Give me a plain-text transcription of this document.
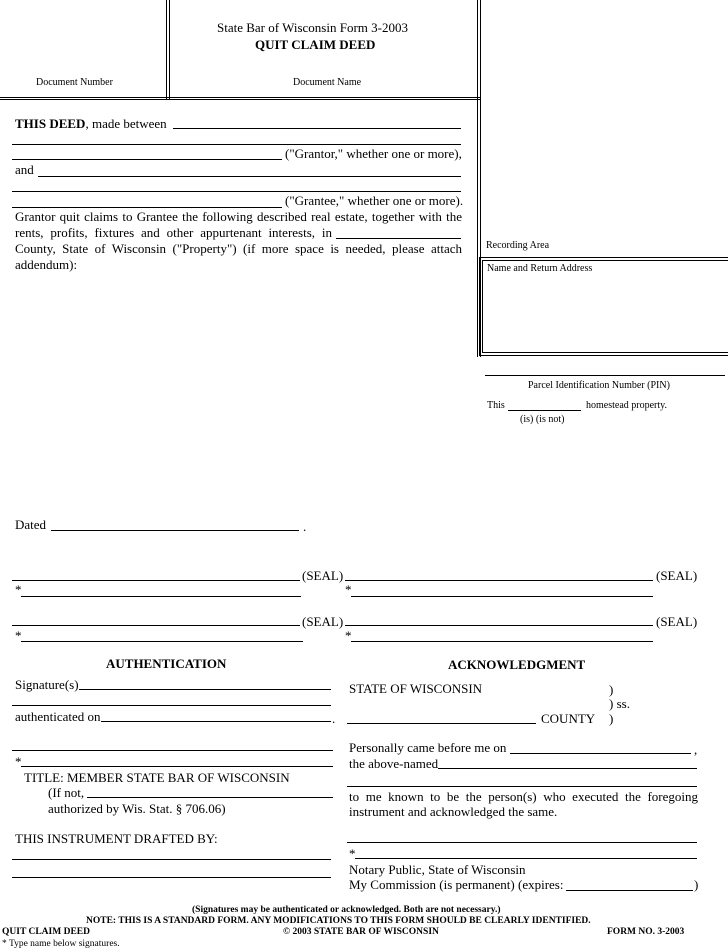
State Bar of Wisconsin Form 3-2003
QUIT CLAIM DEED
Document Number	Document Name
Recording Area
Name and Return Address
Parcel Identification Number (PIN)
This	homestead property.
(is) (is not)
THIS DEED, made between
("Grantor," whether one or more),
and
("Grantee," whether one or more).
Grantor quit claims to Grantee the following described real estate, together with the
rents, profits, fixtures and other appurtenant interests, in
County, State of Wisconsin ("Property") (if more space is needed, please attach
addendum):
Dated	.
(SEAL)	(SEAL)
*	*
(SEAL)	(SEAL)
*	*
AUTHENTICATION
Signature(s)
authenticated on	.
*
TITLE: MEMBER STATE BAR OF WISCONSIN
(If not,
authorized by Wis. Stat. § 706.06)
THIS INSTRUMENT DRAFTED BY:
ACKNOWLEDGMENT
STATE OF WISCONSIN	)
) ss.
COUNTY )
Personally came before me on	,
the above-named
to me known to be the person(s) who executed the foregoing
instrument and acknowledged the same.
*
Notary Public, State of Wisconsin
My Commission (is permanent) (expires:	)
(Signatures may be authenticated or acknowledged. Both are not necessary.)
NOTE: THIS IS A STANDARD FORM. ANY MODIFICATIONS TO THIS FORM SHOULD BE CLEARLY IDENTIFIED.
QUIT CLAIM DEED	© 2003 STATE BAR OF WISCONSIN	FORM NO. 3-2003
* Type name below signatures.
